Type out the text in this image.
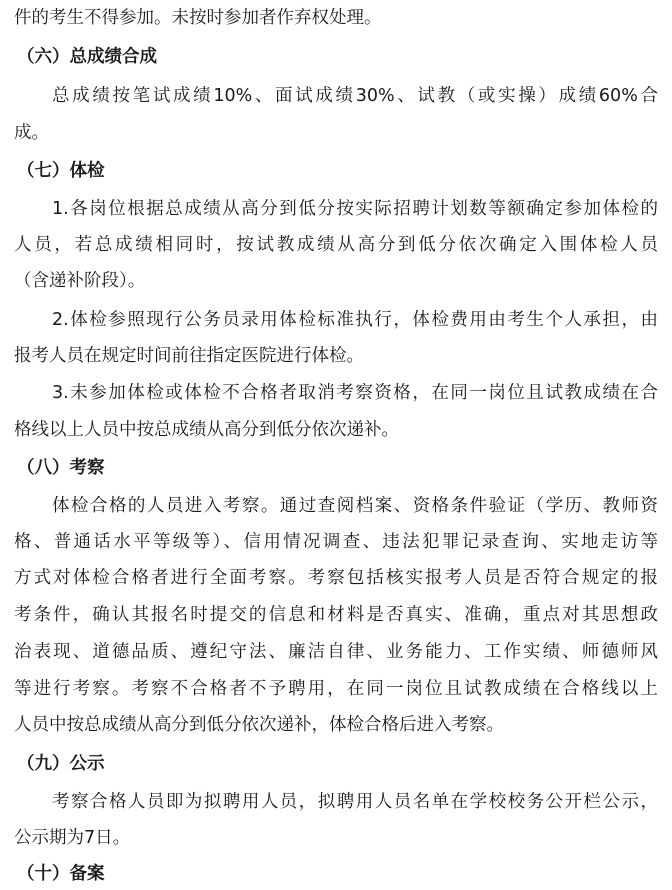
件的考生不得参加。未按时参加者作弃权处理。

（六）总成绩合成

总成绩按笔试成绩10%、面试成绩30%、试教（或实操）成绩60%合

成。

（七）体检

1.各岗位根据总成绩从高分到低分按实际招聘计划数等额确定参加体检的

人员，若总成绩相同时，按试教成绩从高分到低分依次确定入围体检人员

（含递补阶段）。

2.体检参照现行公务员录用体检标准执行，体检费用由考生个人承担，由

报考人员在规定时间前往指定医院进行体检。

3.未参加体检或体检不合格者取消考察资格，在同一岗位且试教成绩在合

格线以上人员中按总成绩从高分到低分依次递补。

（八）考察

体检合格的人员进入考察。通过查阅档案、资格条件验证（学历、教师资

格、普通话水平等级等）、信用情况调查、违法犯罪记录查询、实地走访等

方式对体检合格者进行全面考察。考察包括核实报考人员是否符合规定的报

考条件，确认其报名时提交的信息和材料是否真实、准确，重点对其思想政

治表现、道德品质、遵纪守法、廉洁自律、业务能力、工作实绩、师德师风

等进行考察。考察不合格者不予聘用，在同一岗位且试教成绩在合格线以上

人员中按总成绩从高分到低分依次递补，体检合格后进入考察。

（九）公示

考察合格人员即为拟聘用人员，拟聘用人员名单在学校校务公开栏公示，

公示期为7日。

（十）备案
